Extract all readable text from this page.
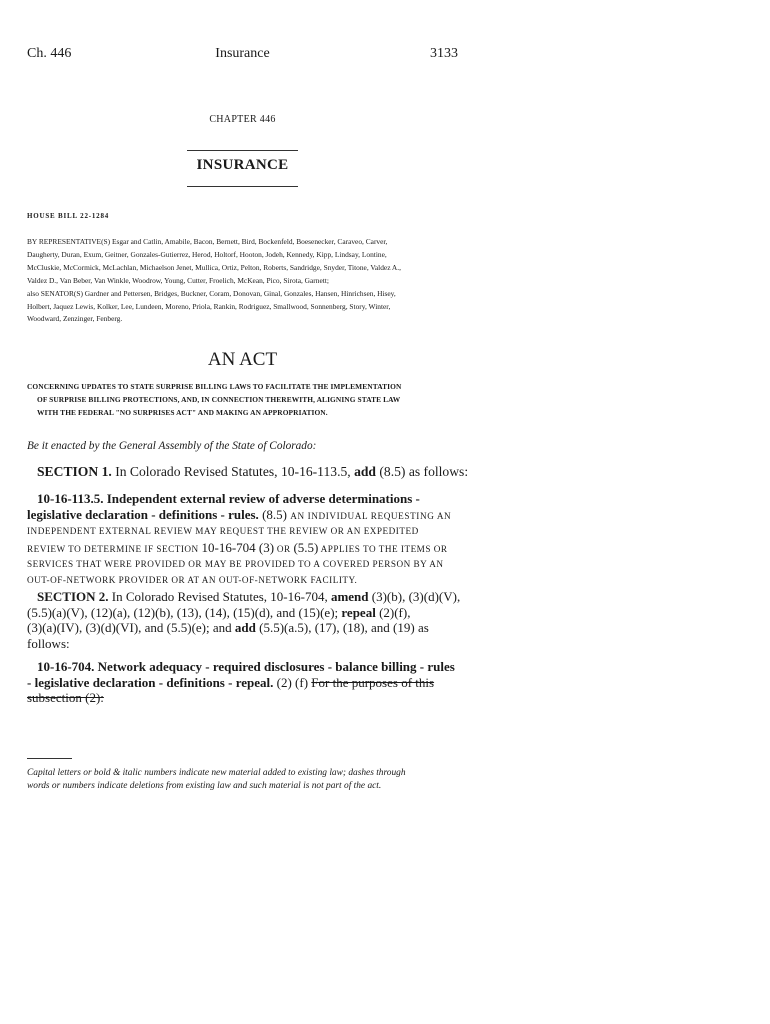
Ch. 446	Insurance	3133
CHAPTER 446
INSURANCE
HOUSE BILL 22-1284
BY REPRESENTATIVE(S) Esgar and Catlin, Amabile, Bacon, Bernett, Bird, Bockenfeld, Boesenecker, Caraveo, Carver,
Daugherty, Duran, Exum, Geitner, Gonzales-Gutierrez, Herod, Holtorf, Hooton, Jodeh, Kennedy, Kipp, Lindsay, Lontine,
McCluskie, McCormick, McLachlan, Michaelson Jenet, Mullica, Ortiz, Pelton, Roberts, Sandridge, Snyder, Titone, Valdez A.,
Valdez D., Van Beber, Van Winkle, Woodrow, Young, Cutter, Froelich, McKean, Pico, Sirota, Garnett;
also SENATOR(S) Gardner and Pettersen, Bridges, Buckner, Coram, Donovan, Ginal, Gonzales, Hansen, Hinrichsen, Hisey,
Holbert, Jaquez Lewis, Kolker, Lee, Lundeen, Moreno, Priola, Rankin, Rodriguez, Smallwood, Sonnenberg, Story, Winter,
Woodward, Zenzinger, Fenberg.
AN ACT
CONCERNING UPDATES TO STATE SURPRISE BILLING LAWS TO FACILITATE THE IMPLEMENTATION
OF SURPRISE BILLING PROTECTIONS, AND, IN CONNECTION THEREWITH, ALIGNING STATE LAW
WITH THE FEDERAL "NO SURPRISES ACT" AND MAKING AN APPROPRIATION.
Be it enacted by the General Assembly of the State of Colorado:
SECTION 1. In Colorado Revised Statutes, 10-16-113.5, add (8.5) as follows:
10-16-113.5. Independent external review of adverse determinations -
legislative declaration - definitions - rules. (8.5) AN INDIVIDUAL REQUESTING AN
INDEPENDENT EXTERNAL REVIEW MAY REQUEST THE REVIEW OR AN EXPEDITED
REVIEW TO DETERMINE IF SECTION 10-16-704 (3) OR (5.5) APPLIES TO THE ITEMS OR
SERVICES THAT WERE PROVIDED OR MAY BE PROVIDED TO A COVERED PERSON BY AN
OUT-OF-NETWORK PROVIDER OR AT AN OUT-OF-NETWORK FACILITY.
SECTION 2. In Colorado Revised Statutes, 10-16-704, amend (3)(b), (3)(d)(V),
(5.5)(a)(V), (12)(a), (12)(b), (13), (14), (15)(d), and (15)(e); repeal (2)(f),
(3)(a)(IV), (3)(d)(VI), and (5.5)(e); and add (5.5)(a.5), (17), (18), and (19) as
follows:
10-16-704. Network adequacy - required disclosures - balance billing - rules
- legislative declaration - definitions - repeal. (2) (f) For the purposes of this
subsection (2):
Capital letters or bold & italic numbers indicate new material added to existing law; dashes through
words or numbers indicate deletions from existing law and such material is not part of the act.
